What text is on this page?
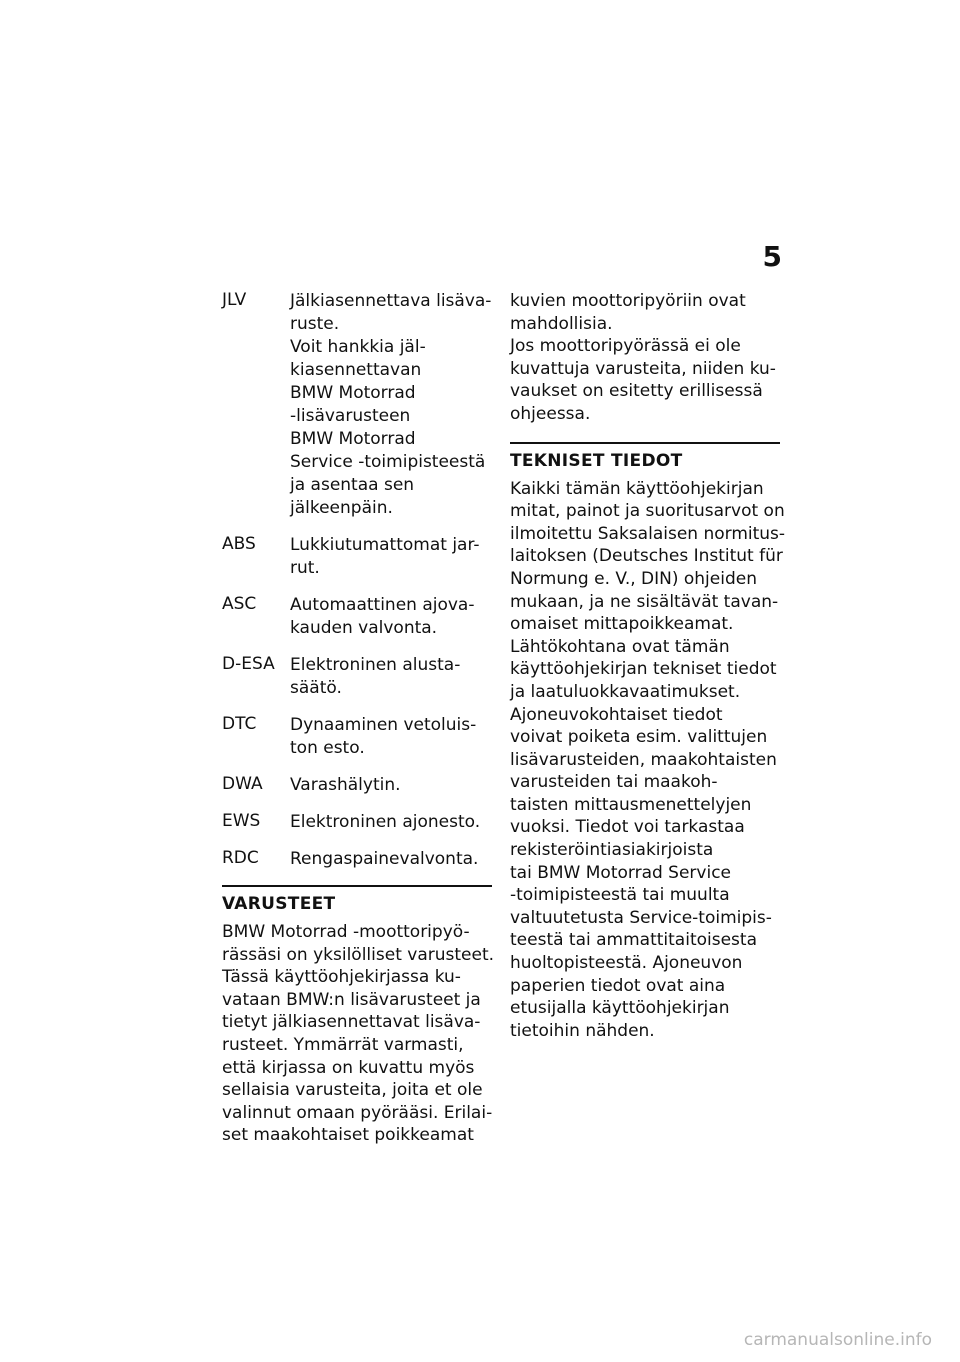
5
JLV	Jälkiasennettava lisäva-
ruste.
Voit hankkia jäl-
kiasennettavan
BMW Motorrad
-lisävarusteen
BMW Motorrad
Service -toimipisteestä
ja asentaa sen
jälkeenpäin.
ABS	Lukkiutumattomat jar-
rut.
ASC	Automaattinen ajova-
kauden valvonta.
D-ESA Elektroninen alusta-
säätö.
DTC	Dynaaminen vetoluis-
ton esto.
DWA	Varashälytin.
EWS	Elektroninen ajonesto.
RDC	Rengaspainevalvonta.
VARUSTEET
BMW Motorrad -moottoripyö-
rässäsi on yksilölliset varusteet.
Tässä käyttöohjekirjassa ku-
vataan BMW:n lisävarusteet ja
tietyt jälkiasennettavat lisäva-
rusteet. Ymmärrät varmasti,
että kirjassa on kuvattu myös
sellaisia varusteita, joita et ole
valinnut omaan pyörääsi. Erilai-
set maakohtaiset poikkeamat
kuvien moottoripyöriin ovat
mahdollisia.
Jos moottoripyörässä ei ole
kuvattuja varusteita, niiden ku-
vaukset on esitetty erillisessä
ohjeessa.
TEKNISET TIEDOT
Kaikki tämän käyttöohjekirjan
mitat, painot ja suoritusarvot on
ilmoitettu Saksalaisen normitus-
laitoksen (Deutsches Institut für
Normung e. V., DIN) ohjeiden
mukaan, ja ne sisältävät tavan-
omaiset mittapoikkeamat.
Lähtökohtana ovat tämän
käyttöohjekirjan tekniset tiedot
ja laatuluokkavaatimukset.
Ajoneuvokohtaiset tiedot
voivat poiketa esim. valittujen
lisävarusteiden, maakohtaisten
varusteiden tai maakoh-
taisten mittausmenettelyjen
vuoksi. Tiedot voi tarkastaa
rekisteröintiasiakirjoista
tai BMW Motorrad Service
-toimipisteestä tai muulta
valtuutetusta Service-toimipis-
teestä tai ammattitaitoisesta
huoltopisteestä. Ajoneuvon
paperien tiedot ovat aina
etusijalla käyttöohjekirjan
tietoihin nähden.
carmanualsonline.info
